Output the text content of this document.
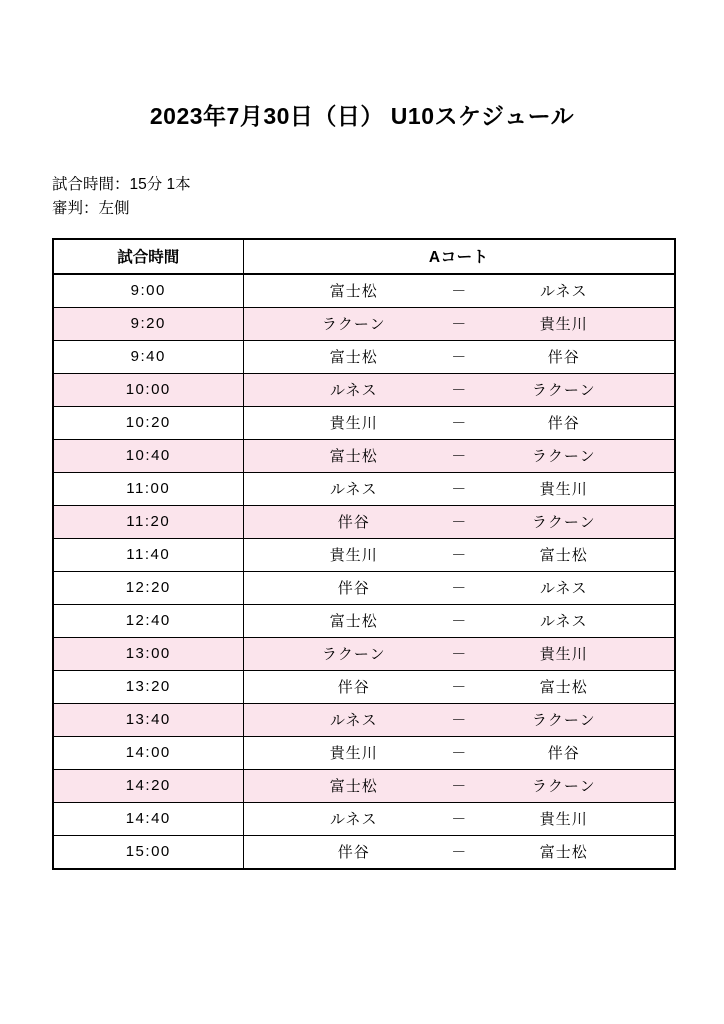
2023年7月30日（日） U10スケジュール

試合時間：15分 1本

審判：左側

試合時間	Aコート
9:00	富士松 － ルネス

9:20	ラクーン － 貴生川

9:40	富士松 － 伴谷

10:00	ルネス － ラクーン

10:20	貴生川 － 伴谷

10:40	富士松 － ラクーン

11:00	ルネス － 貴生川

11:20	伴谷 － ラクーン

11:40	貴生川 － 富士松

12:20	伴谷 － ルネス

12:40	富士松 － ルネス

13:00	ラクーン － 貴生川

13:20	伴谷 － 富士松

13:40	ルネス － ラクーン

14:00	貴生川 － 伴谷

14:20	富士松 － ラクーン

14:40	ルネス － 貴生川

15:00	伴谷 － 富士松
